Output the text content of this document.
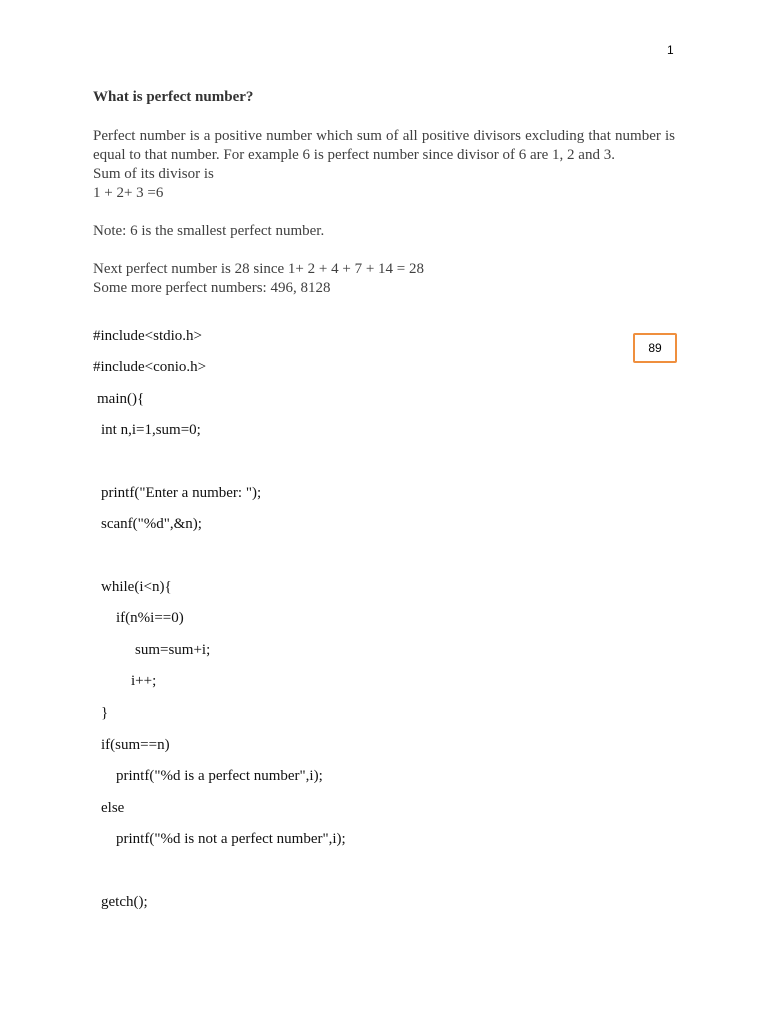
1
What is perfect number?
Perfect number is a positive number which sum of all positive divisors excluding that number is equal to that number. For example 6 is perfect number since divisor of 6 are 1, 2 and 3.
Sum of its divisor is
1 + 2+ 3 =6
Note: 6 is the smallest perfect number.
Next perfect number is 28 since 1+ 2 + 4 + 7 + 14 = 28
Some more perfect numbers: 496, 8128
89
#include<stdio.h>
#include<conio.h>
main(){
int n,i=1,sum=0;
printf("Enter a number: ");
scanf("%d",&n);
while(i<n){
if(n%i==0)
sum=sum+i;
i++;
}
if(sum==n)
printf("%d is a perfect number",i);
else
printf("%d is not a perfect number",i);
getch();
